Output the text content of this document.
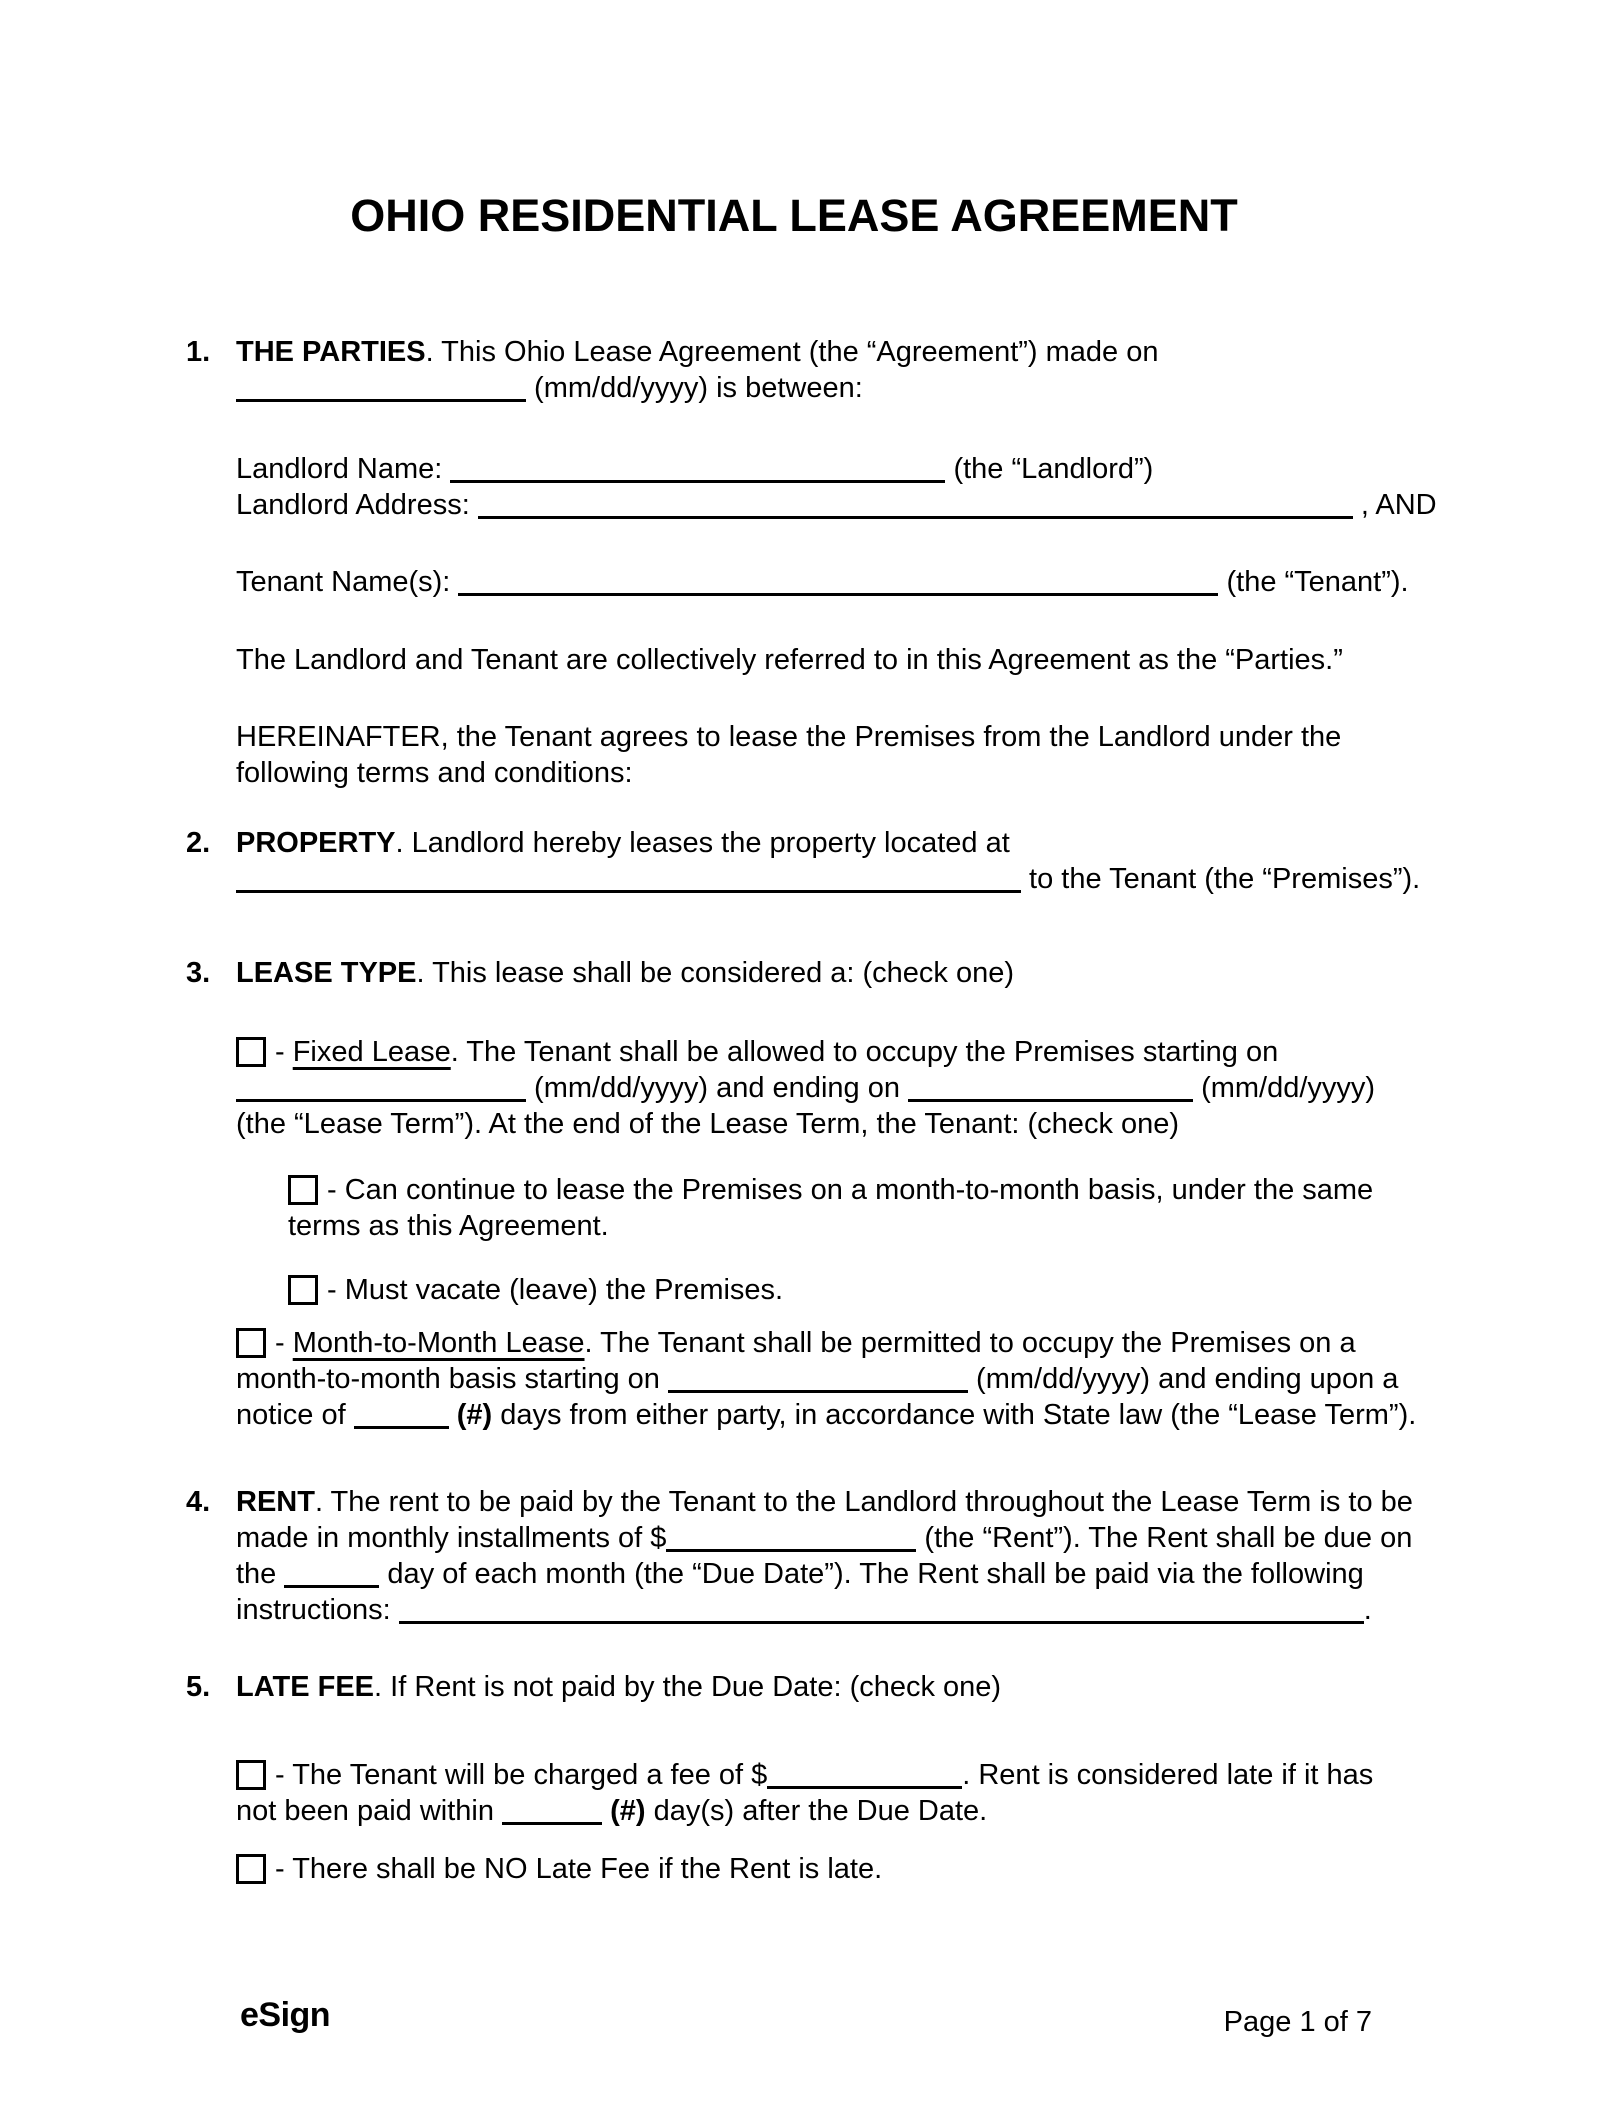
OHIO RESIDENTIAL LEASE AGREEMENT
1. THE PARTIES. This Ohio Lease Agreement (the “Agreement”) made on
(mm/dd/yyyy) is between:
Landlord Name:	(the “Landlord”)
Landlord Address:	, AND
Tenant Name(s):	(the “Tenant”).
The Landlord and Tenant are collectively referred to in this Agreement as the “Parties.”
HEREINAFTER, the Tenant agrees to lease the Premises from the Landlord under the
following terms and conditions:
2. PROPERTY. Landlord hereby leases the property located at
to the Tenant (the “Premises”).
3. LEASE TYPE. This lease shall be considered a: (check one)
- Fixed Lease. The Tenant shall be allowed to occupy the Premises starting on
(mm/dd/yyyy) and ending on	(mm/dd/yyyy)
(the “Lease Term”). At the end of the Lease Term, the Tenant: (check one)
- Can continue to lease the Premises on a month-to-month basis, under the same
terms as this Agreement.
- Must vacate (leave) the Premises.
- Month-to-Month Lease. The Tenant shall be permitted to occupy the Premises on a
month-to-month basis starting on	(mm/dd/yyyy) and ending upon a
notice of	(#) days from either party, in accordance with State law (the “Lease Term”).
4. RENT. The rent to be paid by the Tenant to the Landlord throughout the Lease Term is to be
made in monthly installments of $	(the “Rent”). The Rent shall be due on
the	day of each month (the “Due Date”). The Rent shall be paid via the following
instructions:	.
5. LATE FEE. If Rent is not paid by the Due Date: (check one)
- The Tenant will be charged a fee of $	. Rent is considered late if it has
not been paid within	(#) day(s) after the Due Date.
- There shall be NO Late Fee if the Rent is late.
eSign	Page 1 of 7
